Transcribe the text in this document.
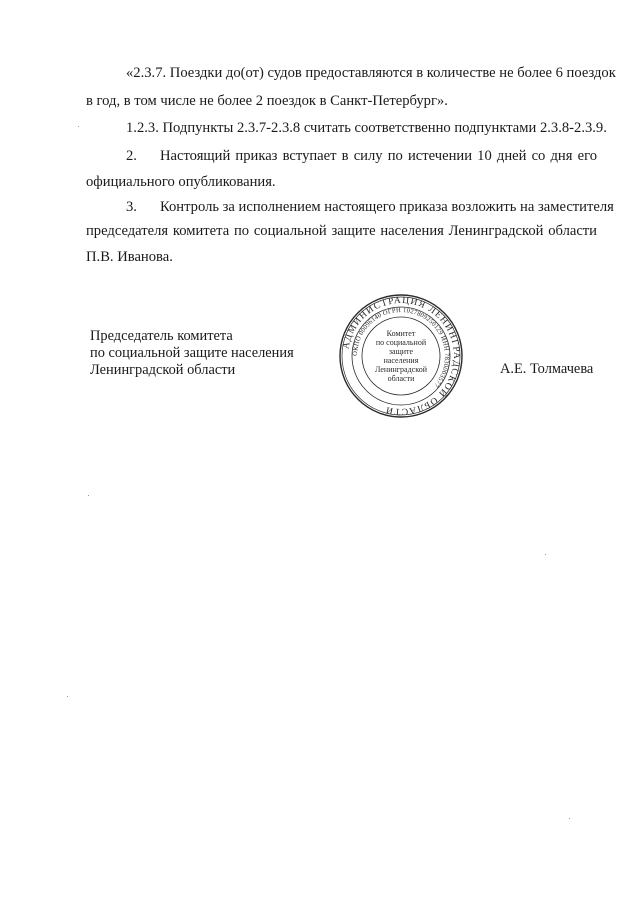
«2.3.7. Поездки до(от) судов предоставляются в количестве не более 6 поездок
в год, в том числе не более 2 поездок в Санкт-Петербург».
1.2.3. Подпункты 2.3.7-2.3.8 считать соответственно подпунктами 2.3.8-2.3.9.
2. Настоящий приказ вступает в силу по истечении 10 дней со дня его
официального опубликования.
3. Контроль за исполнением настоящего приказа возложить на заместителя
председателя комитета по социальной защите населения Ленинградской области
П.В. Иванова.
Председатель комитета
по социальной защите населения
Ленинградской области	А.Е. Толмачева
АДМИНИСТРАЦИЯ ЛЕНИНГРАДСКОЙ ОБЛАСТИ
ОКПО 00096140 ОГРН 1027809250129 ИНН 7830003577
Комитет
по социальной
защите
населения
Ленинградской
области
